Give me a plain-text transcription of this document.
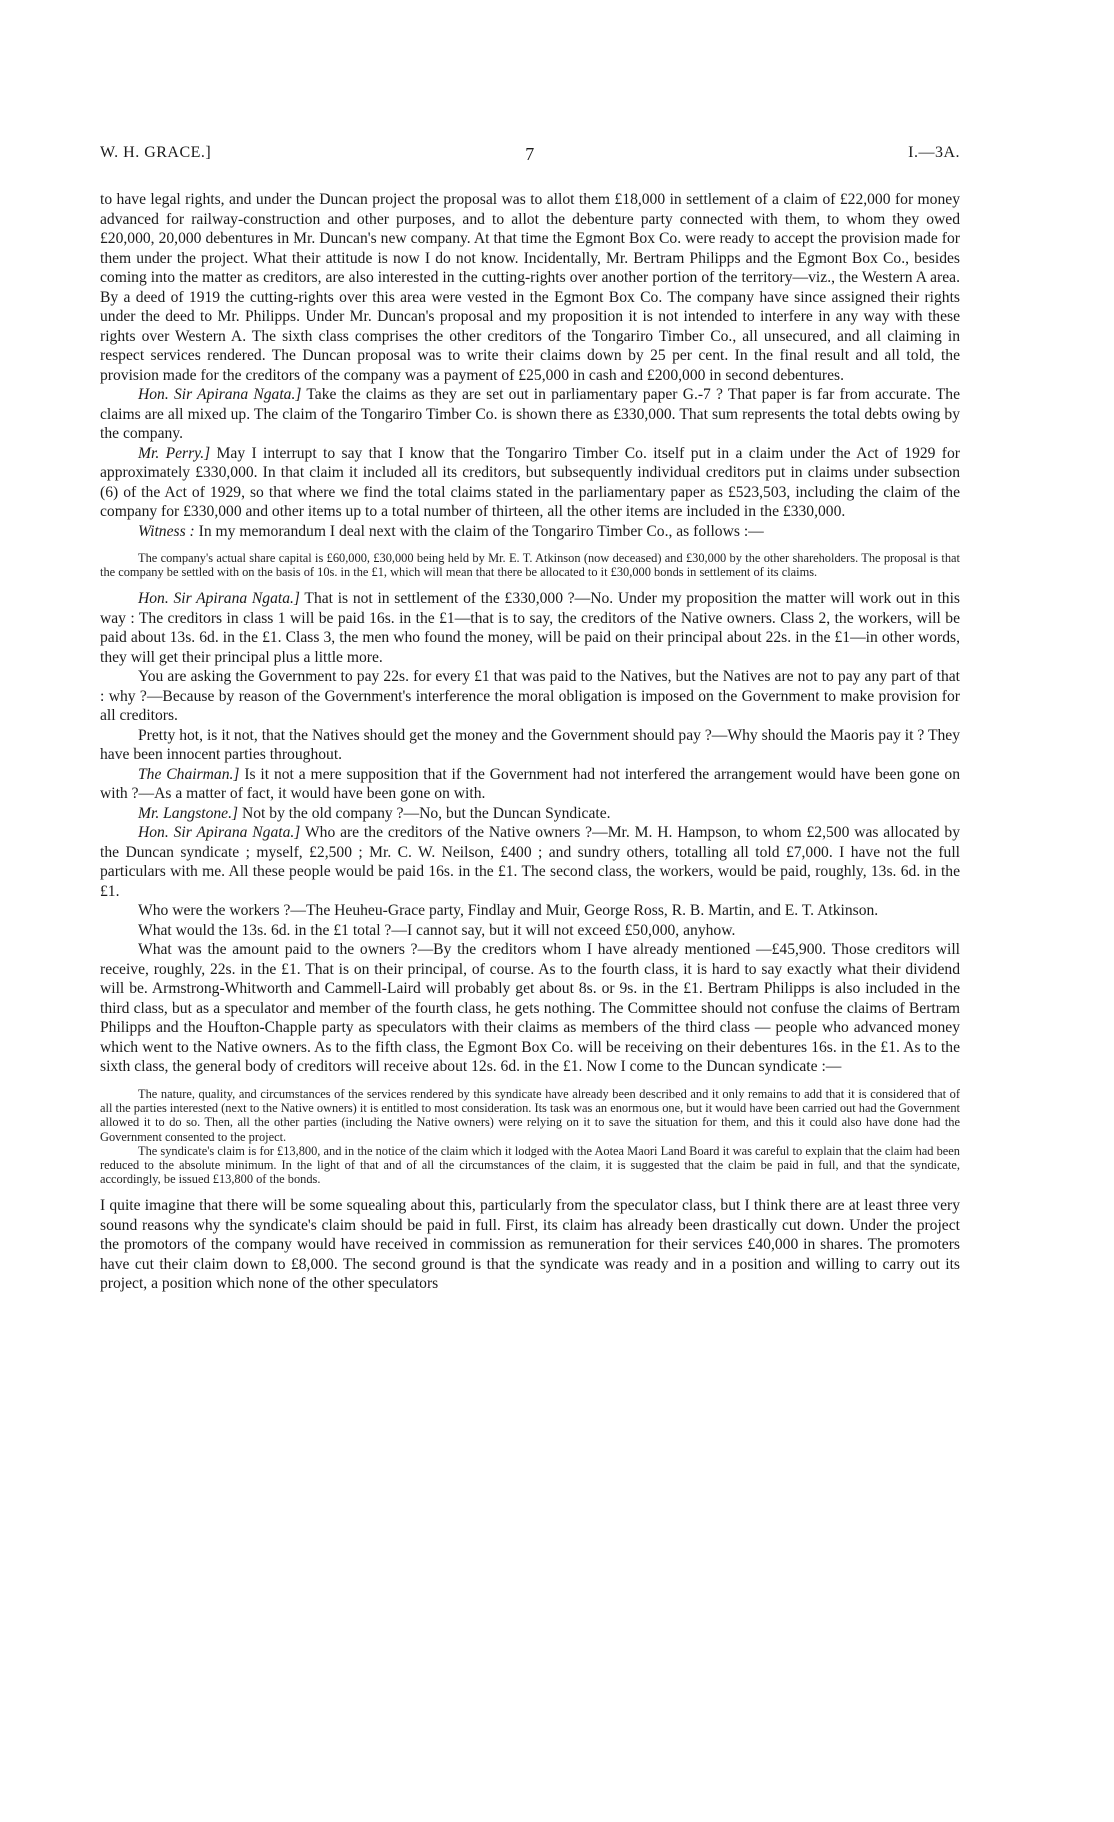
W. H. GRACE.]	7	I.—3A.

to have legal rights, and under the Duncan project the proposal was to allot them £18,000 in settlement of a claim of £22,000 for money advanced for railway-construction and other purposes, and to allot the debenture party connected with them, to whom they owed £20,000, 20,000 debentures in Mr. Duncan's new company. At that time the Egmont Box Co. were ready to accept the provision made for them under the project. What their attitude is now I do not know. Incidentally, Mr. Bertram Philipps and the Egmont Box Co., besides coming into the matter as creditors, are also interested in the cutting-rights over another portion of the territory—viz., the Western A area. By a deed of 1919 the cutting-rights over this area were vested in the Egmont Box Co. The company have since assigned their rights under the deed to Mr. Philipps. Under Mr. Duncan's proposal and my proposition it is not intended to interfere in any way with these rights over Western A. The sixth class comprises the other creditors of the Tongariro Timber Co., all unsecured, and all claiming in respect services rendered. The Duncan proposal was to write their claims down by 25 per cent. In the final result and all told, the provision made for the creditors of the company was a payment of £25,000 in cash and £200,000 in second debentures.

Hon. Sir Apirana Ngata.] Take the claims as they are set out in parliamentary paper G.-7 ? That paper is far from accurate. The claims are all mixed up. The claim of the Tongariro Timber Co. is shown there as £330,000. That sum represents the total debts owing by the company.

Mr. Perry.] May I interrupt to say that I know that the Tongariro Timber Co. itself put in a claim under the Act of 1929 for approximately £330,000. In that claim it included all its creditors, but subsequently individual creditors put in claims under subsection (6) of the Act of 1929, so that where we find the total claims stated in the parliamentary paper as £523,503, including the claim of the company for £330,000 and other items up to a total number of thirteen, all the other items are included in the £330,000.

Witness : In my memorandum I deal next with the claim of the Tongariro Timber Co., as follows :—

The company's actual share capital is £60,000, £30,000 being held by Mr. E. T. Atkinson (now deceased) and £30,000 by the other shareholders. The proposal is that the company be settled with on the basis of 10s. in the £1, which will mean that there be allocated to it £30,000 bonds in settlement of its claims.

Hon. Sir Apirana Ngata.] That is not in settlement of the £330,000 ?—No. Under my proposition the matter will work out in this way : The creditors in class 1 will be paid 16s. in the £1—that is to say, the creditors of the Native owners. Class 2, the workers, will be paid about 13s. 6d. in the £1. Class 3, the men who found the money, will be paid on their principal about 22s. in the £1—in other words, they will get their principal plus a little more.

You are asking the Government to pay 22s. for every £1 that was paid to the Natives, but the Natives are not to pay any part of that : why ?—Because by reason of the Government's interference the moral obligation is imposed on the Government to make provision for all creditors.

Pretty hot, is it not, that the Natives should get the money and the Government should pay ?—Why should the Maoris pay it ? They have been innocent parties throughout.

The Chairman.] Is it not a mere supposition that if the Government had not interfered the arrangement would have been gone on with ?—As a matter of fact, it would have been gone on with.

Mr. Langstone.] Not by the old company ?—No, but the Duncan Syndicate.

Hon. Sir Apirana Ngata.] Who are the creditors of the Native owners ?—Mr. M. H. Hampson, to whom £2,500 was allocated by the Duncan syndicate ; myself, £2,500 ; Mr. C. W. Neilson, £400 ; and sundry others, totalling all told £7,000. I have not the full particulars with me. All these people would be paid 16s. in the £1. The second class, the workers, would be paid, roughly, 13s. 6d. in the £1.

Who were the workers ?—The Heuheu-Grace party, Findlay and Muir, George Ross, R. B. Martin, and E. T. Atkinson.

What would the 13s. 6d. in the £1 total ?—I cannot say, but it will not exceed £50,000, anyhow.

What was the amount paid to the owners ?—By the creditors whom I have already mentioned —£45,900. Those creditors will receive, roughly, 22s. in the £1. That is on their principal, of course. As to the fourth class, it is hard to say exactly what their dividend will be. Armstrong-Whitworth and Cammell-Laird will probably get about 8s. or 9s. in the £1. Bertram Philipps is also included in the third class, but as a speculator and member of the fourth class, he gets nothing. The Committee should not confuse the claims of Bertram Philipps and the Houfton-Chapple party as speculators with their claims as members of the third class — people who advanced money which went to the Native owners. As to the fifth class, the Egmont Box Co. will be receiving on their debentures 16s. in the £1. As to the sixth class, the general body of creditors will receive about 12s. 6d. in the £1. Now I come to the Duncan syndicate :—

The nature, quality, and circumstances of the services rendered by this syndicate have already been described and it only remains to add that it is considered that of all the parties interested (next to the Native owners) it is entitled to most consideration. Its task was an enormous one, but it would have been carried out had the Government allowed it to do so. Then, all the other parties (including the Native owners) were relying on it to save the situation for them, and this it could also have done had the Government consented to the project.

The syndicate's claim is for £13,800, and in the notice of the claim which it lodged with the Aotea Maori Land Board it was careful to explain that the claim had been reduced to the absolute minimum. In the light of that and of all the circumstances of the claim, it is suggested that the claim be paid in full, and that the syndicate, accordingly, be issued £13,800 of the bonds.

I quite imagine that there will be some squealing about this, particularly from the speculator class, but I think there are at least three very sound reasons why the syndicate's claim should be paid in full. First, its claim has already been drastically cut down. Under the project the promotors of the company would have received in commission as remuneration for their services £40,000 in shares. The promoters have cut their claim down to £8,000. The second ground is that the syndicate was ready and in a position and willing to carry out its project, a position which none of the other speculators
